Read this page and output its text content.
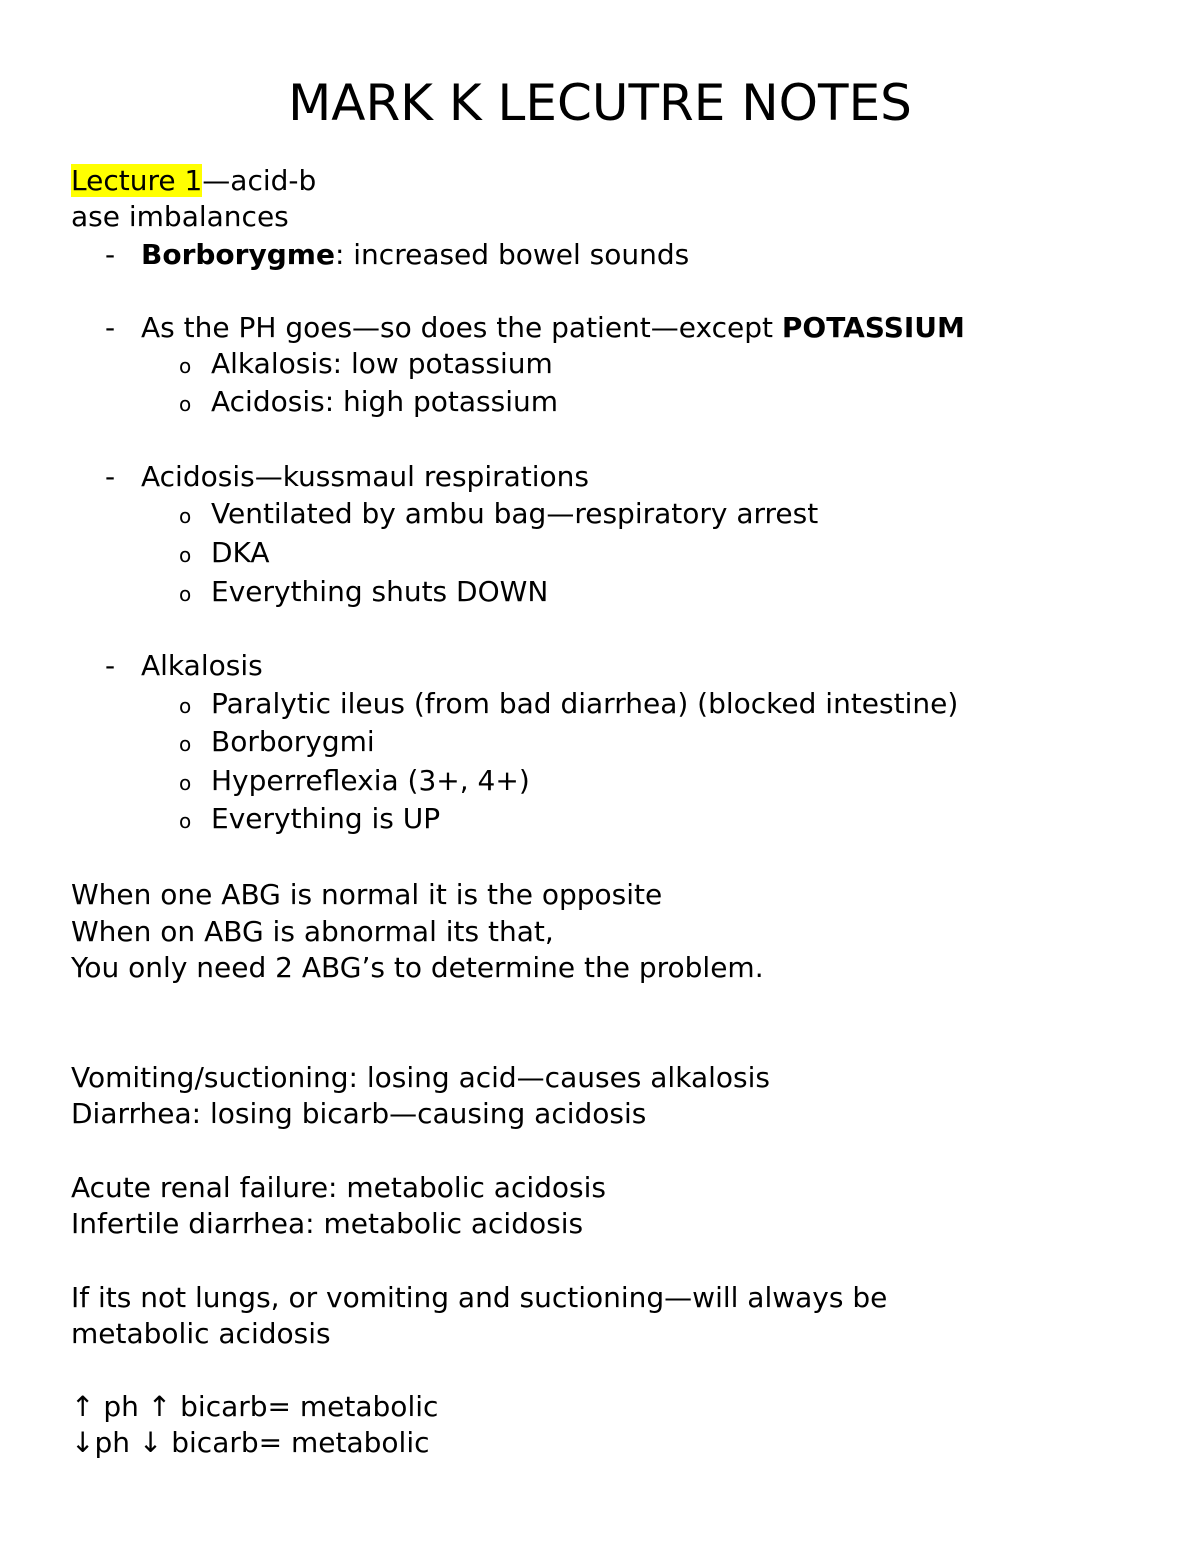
MARK K LECUTRE NOTES
Lecture 1—acid-b
ase imbalances
- Borborygme: increased bowel sounds
- As the PH goes—so does the patient—except POTASSIUM
o Alkalosis: low potassium
o Acidosis: high potassium
- Acidosis—kussmaul respirations
o Ventilated by ambu bag—respiratory arrest
o DKA
o Everything shuts DOWN
- Alkalosis
o Paralytic ileus (from bad diarrhea) (blocked intestine)
o Borborygmi
o Hyperreflexia (3+, 4+)
o Everything is UP
When one ABG is normal it is the opposite
When on ABG is abnormal its that,
You only need 2 ABG’s to determine the problem.
Vomiting/suctioning: losing acid—causes alkalosis
Diarrhea: losing bicarb—causing acidosis
Acute renal failure: metabolic acidosis
Infertile diarrhea: metabolic acidosis
If its not lungs, or vomiting and suctioning—will always be
metabolic acidosis
↑ ph ↑ bicarb= metabolic
↓ph ↓ bicarb= metabolic
